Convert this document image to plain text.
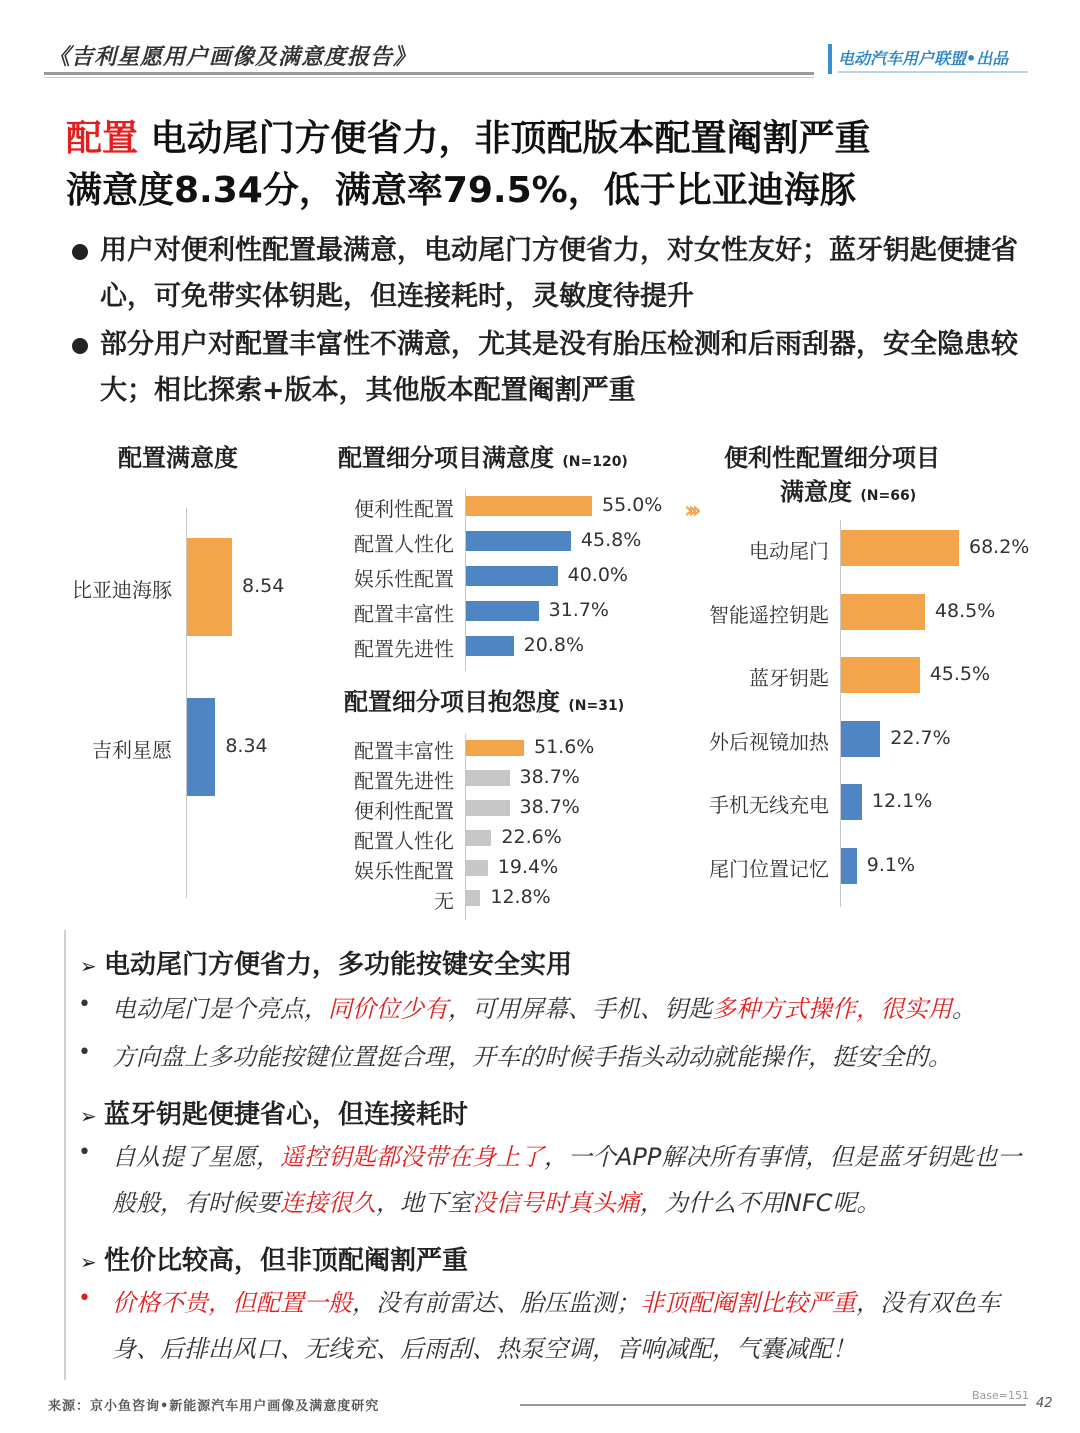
《吉利星愿用户画像及满意度报告》	电动汽车用户联盟•出品
配置 电动尾门方便省力，非顶配版本配置阉割严重
满意度8.34分，满意率79.5%，低于比亚迪海豚
用户对便利性配置最满意，电动尾门方便省力，对女性友好；蓝牙钥匙便捷省心，可免带实体钥匙，但连接耗时，灵敏度待提升
部分用户对配置丰富性不满意，尤其是没有胎压检测和后雨刮器，安全隐患较大；相比探索+版本，其他版本配置阉割严重
配置满意度
比亚迪海豚	8.54
吉利星愿	8.34
配置细分项目满意度 (N=120)
便利性配置	55.0%
配置人性化	45.8%
娱乐性配置	40.0%
配置丰富性	31.7%
配置先进性	20.8%
配置细分项目抱怨度 (N=31)
配置丰富性	51.6%
配置先进性	38.7%
便利性配置	38.7%
配置人性化 22.6%
娱乐性配置 19.4%
无 12.8%
›››
便利性配置细分项目
满意度 (N=66)
电动尾门	68.2%
智能遥控钥匙	48.5%
蓝牙钥匙	45.5%
外后视镜加热	22.7%
手机无线充电 12.1%
尾门位置记忆 9.1%
➢ 电动尾门方便省力，多功能按键安全实用
• 电动尾门是个亮点，同价位少有，可用屏幕、手机、钥匙多种方式操作，很实用。
• 方向盘上多功能按键位置挺合理，开车的时候手指头动动就能操作，挺安全的。
➢ 蓝牙钥匙便捷省心，但连接耗时
• 自从提了星愿，遥控钥匙都没带在身上了，一个APP解决所有事情，但是蓝牙钥匙也一般般，有时候要连接很久，地下室没信号时真头痛，为什么不用NFC呢。
➢ 性价比较高，但非顶配阉割严重
• 价格不贵，但配置一般，没有前雷达、胎压监测；非顶配阉割比较严重，没有双色车身、后排出风口、无线充、后雨刮、热泵空调，音响减配，气囊减配！
来源：京小鱼咨询•新能源汽车用户画像及满意度研究
Base=151
42
